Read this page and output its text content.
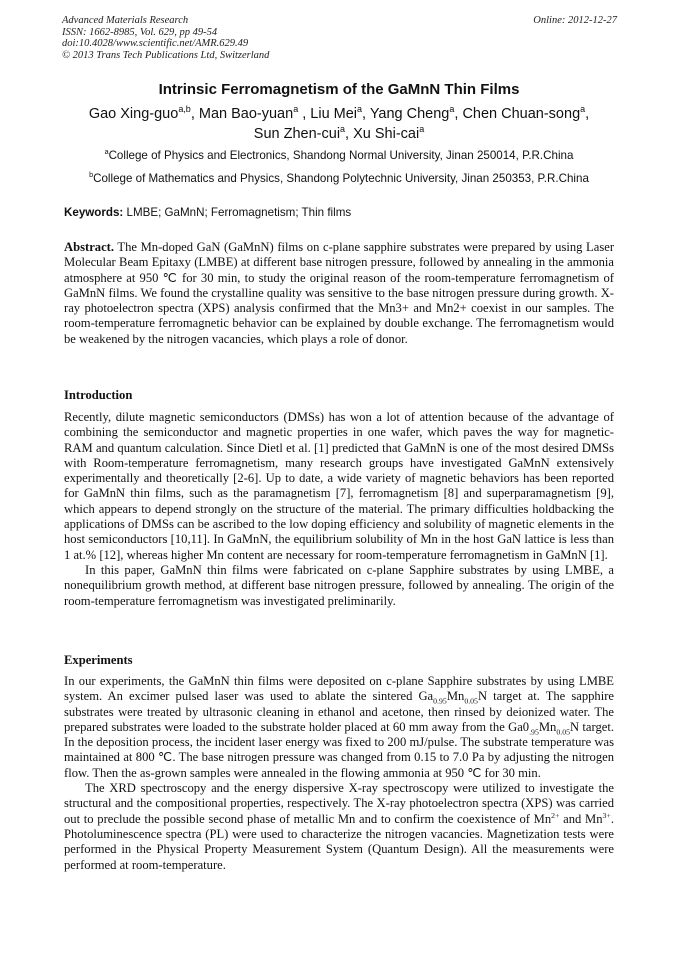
Advanced Materials Research
ISSN: 1662-8985, Vol. 629, pp 49-54
doi:10.4028/www.scientific.net/AMR.629.49
© 2013 Trans Tech Publications Ltd, Switzerland
Online: 2012-12-27
Intrinsic Ferromagnetism of the GaMnN Thin Films
Gao Xing-guo$^{a,b}$, Man Bao-yuan$^a$ , Liu Mei$^a$, Yang Cheng$^a$, Chen Chuan-song$^a$,
Sun Zhen-cui$^a$, Xu Shi-cai$^a$
$^a$College of Physics and Electronics, Shandong Normal University, Jinan 250014, P.R.China
$^b$College of Mathematics and Physics, Shandong Polytechnic University, Jinan 250353, P.R.China
Keywords: LMBE; GaMnN; Ferromagnetism; Thin films

Abstract. The Mn-doped GaN (GaMnN) films on c-plane sapphire substrates were prepared by using Laser Molecular Beam Epitaxy (LMBE) at different base nitrogen pressure, followed by annealing in the ammonia atmosphere at 950 ℃ for 30 min, to study the original reason of the room-temperature ferromagnetism of GaMnN films. We found the crystalline quality was sensitive to the base nitrogen pressure during growth. X-ray photoelectron spectra (XPS) analysis confirmed that the Mn3+ and Mn2+ coexist in our samples. The room-temperature ferromagnetic behavior can be explained by double exchange. The ferromagnetism would be weakened by the nitrogen vacancies, which plays a role of donor.

Introduction

Recently, dilute magnetic semiconductors (DMSs) has won a lot of attention because of the advantage of combining the semiconductor and magnetic properties in one wafer, which paves the way for magnetic-RAM and quantum calculation. Since Dietl et al. [1] predicted that GaMnN is one of the most desired DMSs with Room-temperature ferromagnetism, many research groups have investigated GaMnN extensively experimentally and theoretically [2-6]. Up to date, a wide variety of magnetic behaviors has been reported for GaMnN thin films, such as the paramagnetism [7], ferromagnetism [8] and superparamagnetism [9], which appears to depend strongly on the structure of the material. The primary difficulties holdbacking the applications of DMSs can be ascribed to the low doping efficiency and solubility of magnetic elements in the host semiconductors [10,11]. In GaMnN, the equilibrium solubility of Mn in the host GaN lattice is less than 1 at.% [12], whereas higher Mn content are necessary for room-temperature ferromagnetism in GaMnN [1].

In this paper, GaMnN thin films were fabricated on c-plane Sapphire substrates by using LMBE, a nonequilibrium growth method, at different base nitrogen pressure, followed by annealing. The origin of the room-temperature ferromagnetism was investigated preliminarily.

Experiments

In our experiments, the GaMnN thin films were deposited on c-plane Sapphire substrates by using LMBE system. An excimer pulsed laser was used to ablate the sintered $Ga_{0.95}Mn_{0.05}N$ target at. The sapphire substrates were treated by ultrasonic cleaning in ethanol and acetone, then rinsed by deionized water. The prepared substrates were loaded to the substrate holder placed at 60 mm away from the $Ga0_{.95}Mn_{0.05}N$ target. In the deposition process, the incident laser energy was fixed to 200 mJ/pulse. The substrate temperature was maintained at 800 ℃. The base nitrogen pressure was changed from 0.15 to 7.0 Pa by adjusting the nitrogen flow. Then the as-grown samples were annealed in the flowing ammonia at 950 ℃ for 30 min.

The XRD spectroscopy and the energy dispersive X-ray spectroscopy were utilized to investigate the structural and the compositional properties, respectively. The X-ray photoelectron spectra (XPS) was carried out to preclude the possible second phase of metallic Mn and to confirm the coexistence of $Mn^{2+}$ and $Mn^{3+}$. Photoluminescence spectra (PL) were used to characterize the nitrogen vacancies. Magnetization tests were performed in the Physical Property Measurement System (Quantum Design). All the measurements were performed at room-temperature.
